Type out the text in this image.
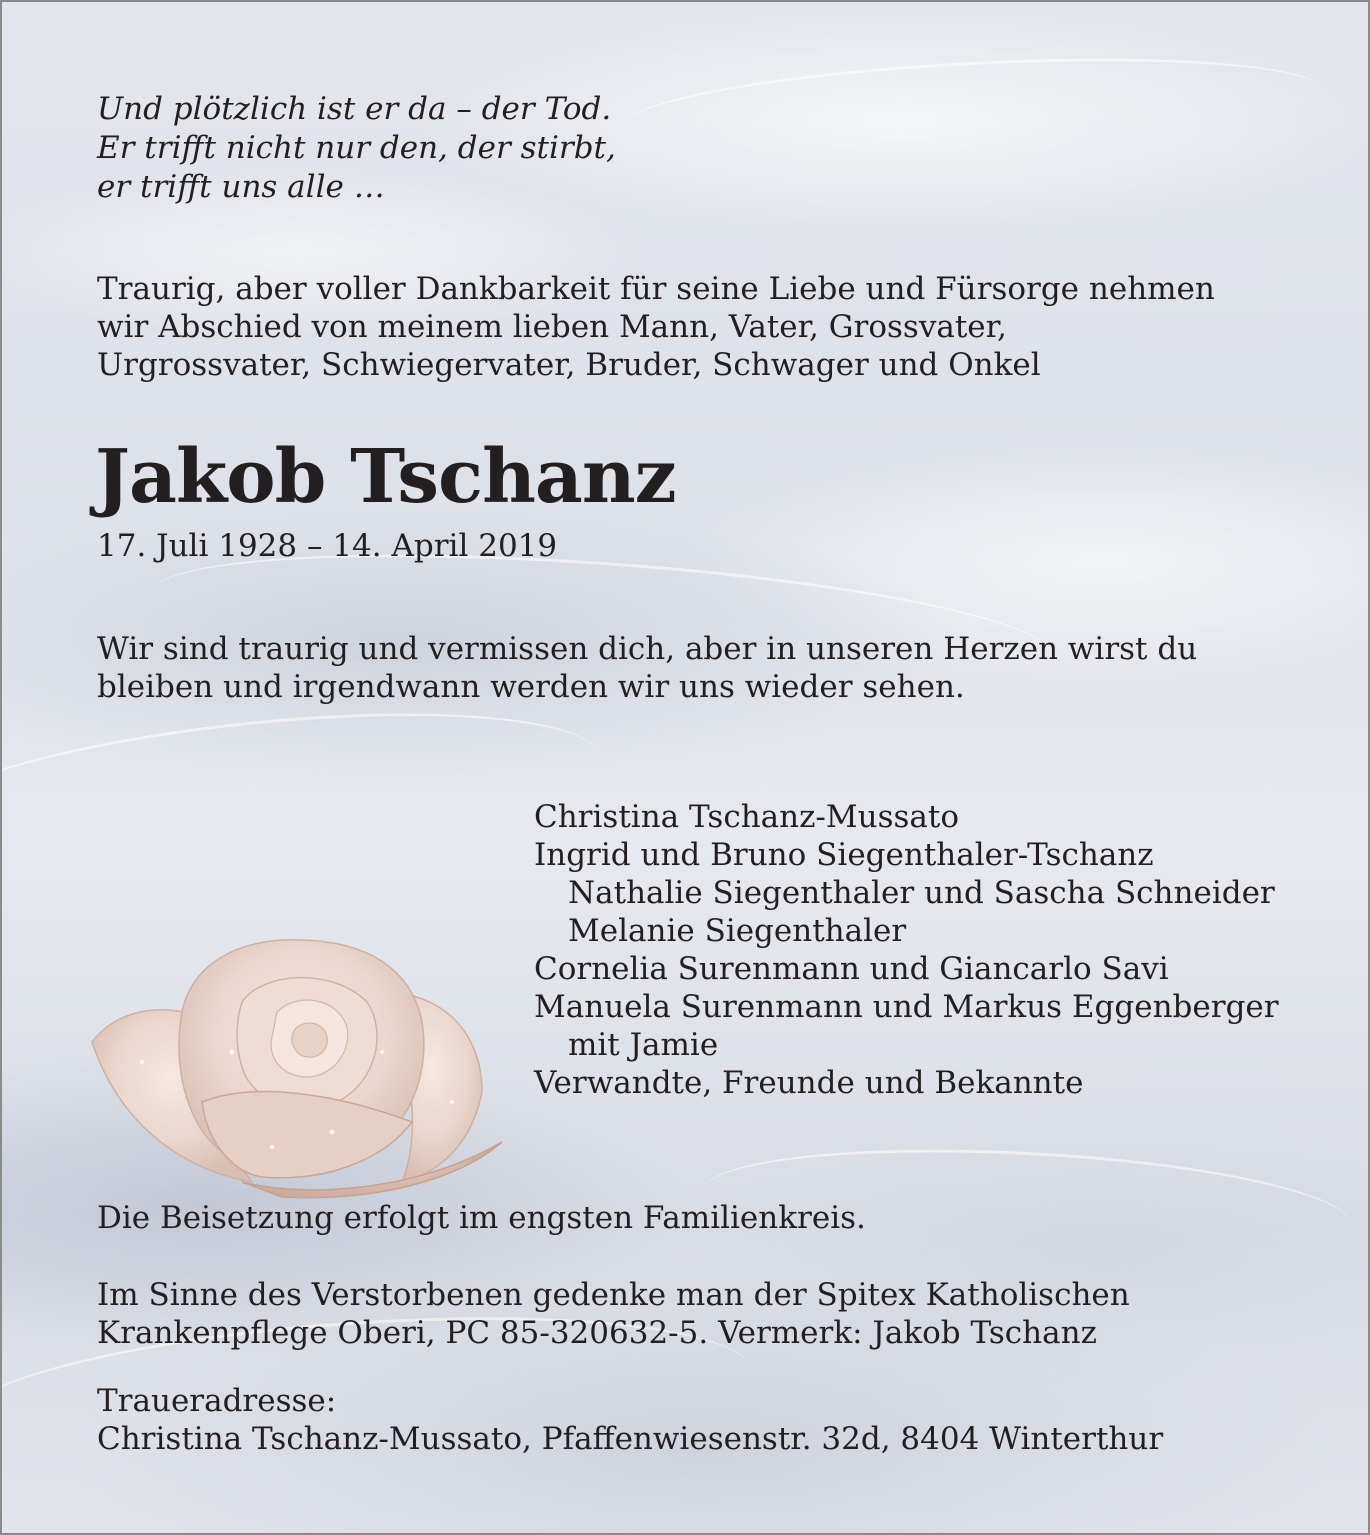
Und plötzlich ist er da – der Tod.
Er trifft nicht nur den, der stirbt,
er trifft uns alle …
Traurig, aber voller Dankbarkeit für seine Liebe und Fürsorge nehmen
wir Abschied von meinem lieben Mann, Vater, Grossvater,
Urgrossvater, Schwiegervater, Bruder, Schwager und Onkel
Jakob Tschanz
17. Juli 1928 – 14. April 2019
Wir sind traurig und vermissen dich, aber in unseren Herzen wirst du
bleiben und irgendwann werden wir uns wieder sehen.
Christina Tschanz-Mussato
Ingrid und Bruno Siegenthaler-Tschanz
Nathalie Siegenthaler und Sascha Schneider
Melanie Siegenthaler
Cornelia Surenmann und Giancarlo Savi
Manuela Surenmann und Markus Eggenberger
mit Jamie
Verwandte, Freunde und Bekannte
Die Beisetzung erfolgt im engsten Familienkreis.
Im Sinne des Verstorbenen gedenke man der Spitex Katholischen
Krankenpflege Oberi, PC 85-320632-5. Vermerk: Jakob Tschanz
Traueradresse:
Christina Tschanz-Mussato, Pfaffenwiesenstr. 32d, 8404 Winterthur
